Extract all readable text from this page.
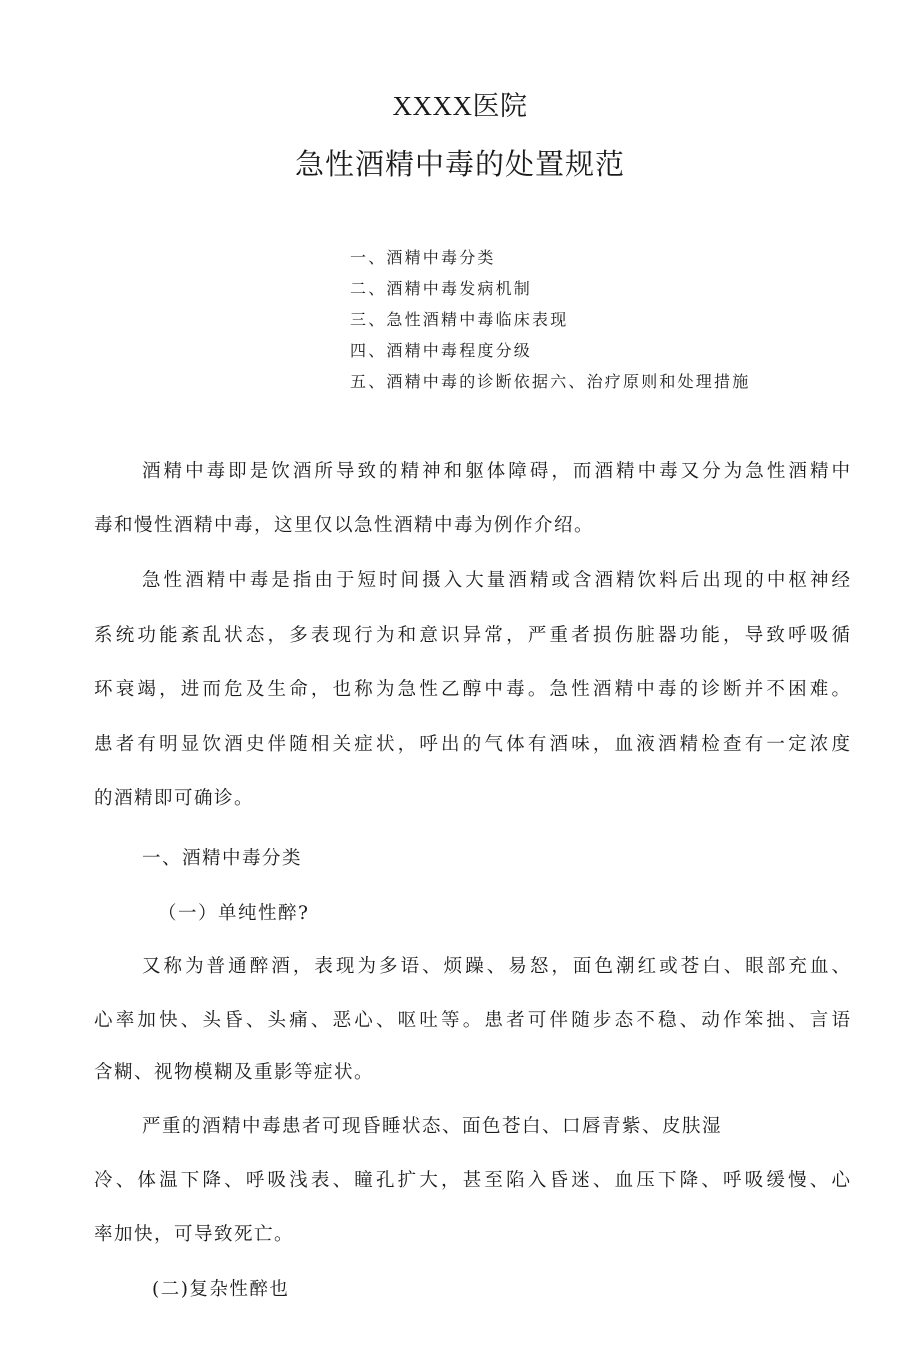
XXXX医院
急性酒精中毒的处置规范
一、酒精中毒分类
二、酒精中毒发病机制
三、急性酒精中毒临床表现
四、酒精中毒程度分级
五、酒精中毒的诊断依据六、治疗原则和处理措施
酒精中毒即是饮酒所导致的精神和躯体障碍，而酒精中毒又分为急性酒精中
毒和慢性酒精中毒，这里仅以急性酒精中毒为例作介绍。
急性酒精中毒是指由于短时间摄入大量酒精或含酒精饮料后出现的中枢神经
系统功能紊乱状态，多表现行为和意识异常，严重者损伤脏器功能，导致呼吸循
环衰竭，进而危及生命，也称为急性乙醇中毒。急性酒精中毒的诊断并不困难。
患者有明显饮酒史伴随相关症状，呼出的气体有酒味，血液酒精检查有一定浓度
的酒精即可确诊。
一、酒精中毒分类
（一）单纯性醉?
又称为普通醉酒，表现为多语、烦躁、易怒，面色潮红或苍白、眼部充血、
心率加快、头昏、头痛、恶心、呕吐等。患者可伴随步态不稳、动作笨拙、言语
含糊、视物模糊及重影等症状。
严重的酒精中毒患者可现昏睡状态、面色苍白、口唇青紫、皮肤湿
冷、体温下降、呼吸浅表、瞳孔扩大，甚至陷入昏迷、血压下降、呼吸缓慢、心
率加快，可导致死亡。
(二)复杂性醉也
